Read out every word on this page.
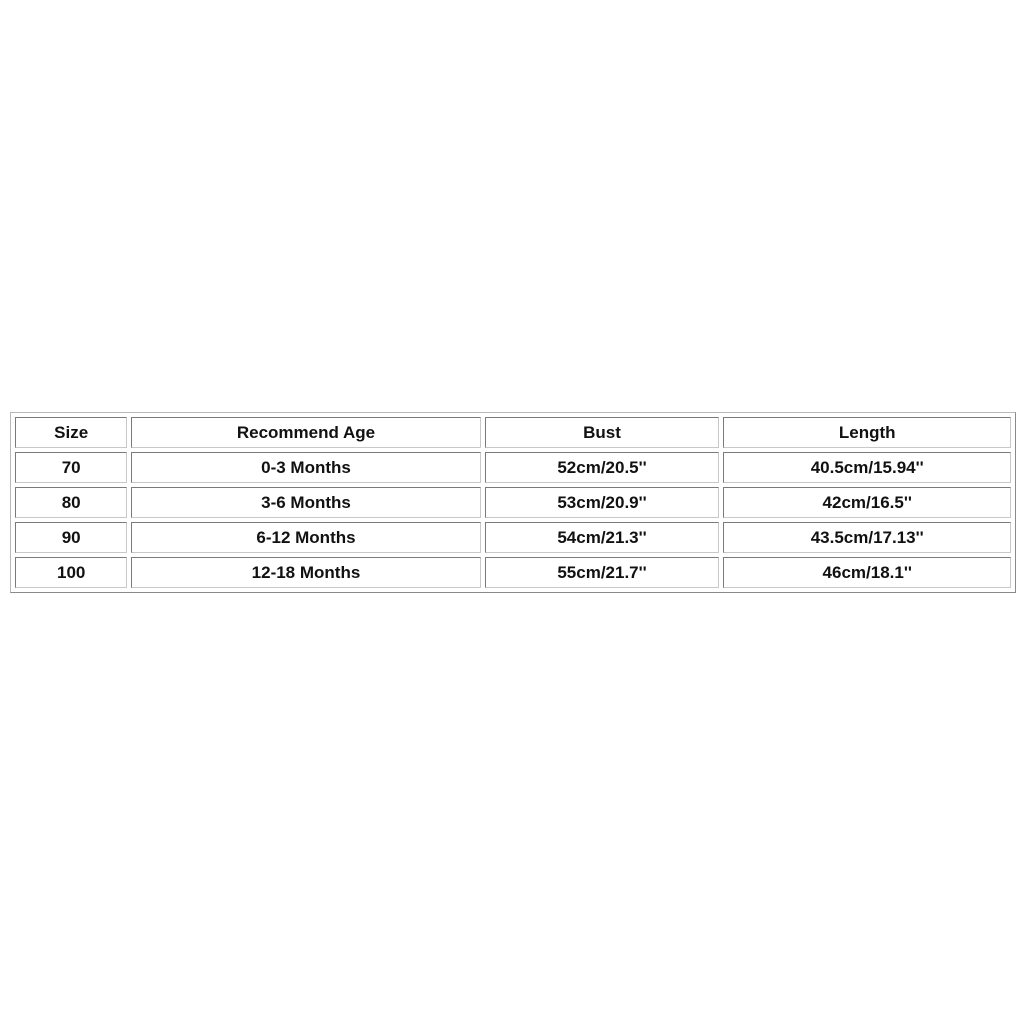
Size	Recommend Age	Bust	Length
70	0-3 Months	52cm/20.5''	40.5cm/15.94''
80	3-6 Months	53cm/20.9''	42cm/16.5''
90	6-12 Months	54cm/21.3''	43.5cm/17.13''
100	12-18 Months	55cm/21.7''	46cm/18.1''
